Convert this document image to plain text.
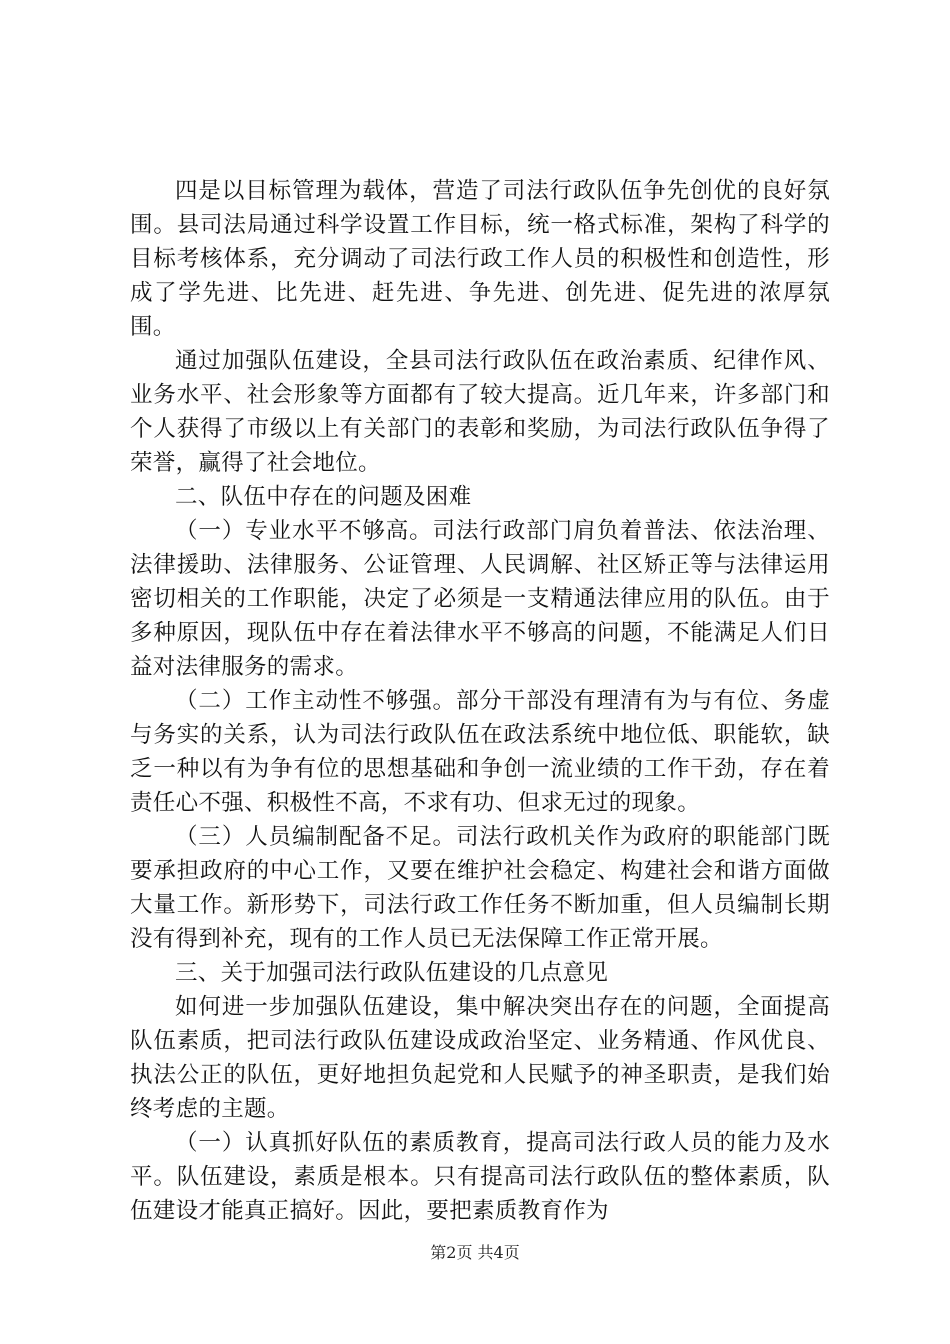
四是以目标管理为载体，营造了司法行政队伍争先创优的良好氛围。县司法局通过科学设置工作目标，统一格式标准，架构了科学的目标考核体系，充分调动了司法行政工作人员的积极性和创造性，形成了学先进、比先进、赶先进、争先进、创先进、促先进的浓厚氛围。

通过加强队伍建设，全县司法行政队伍在政治素质、纪律作风、业务水平、社会形象等方面都有了较大提高。近几年来，许多部门和个人获得了市级以上有关部门的表彰和奖励，为司法行政队伍争得了荣誉，赢得了社会地位。

二、队伍中存在的问题及困难

（一）专业水平不够高。司法行政部门肩负着普法、依法治理、法律援助、法律服务、公证管理、人民调解、社区矫正等与法律运用密切相关的工作职能，决定了必须是一支精通法律应用的队伍。由于多种原因，现队伍中存在着法律水平不够高的问题，不能满足人们日益对法律服务的需求。

（二）工作主动性不够强。部分干部没有理清有为与有位、务虚与务实的关系，认为司法行政队伍在政法系统中地位低、职能软，缺乏一种以有为争有位的思想基础和争创一流业绩的工作干劲，存在着责任心不强、积极性不高，不求有功、但求无过的现象。

（三）人员编制配备不足。司法行政机关作为政府的职能部门既要承担政府的中心工作，又要在维护社会稳定、构建社会和谐方面做大量工作。新形势下，司法行政工作任务不断加重，但人员编制长期没有得到补充，现有的工作人员已无法保障工作正常开展。

三、关于加强司法行政队伍建设的几点意见

如何进一步加强队伍建设，集中解决突出存在的问题，全面提高队伍素质，把司法行政队伍建设成政治坚定、业务精通、作风优良、执法公正的队伍，更好地担负起党和人民赋予的神圣职责，是我们始终考虑的主题。

（一）认真抓好队伍的素质教育，提高司法行政人员的能力及水平。队伍建设，素质是根本。只有提高司法行政队伍的整体素质，队伍建设才能真正搞好。因此，要把素质教育作为

第2页 共4页
